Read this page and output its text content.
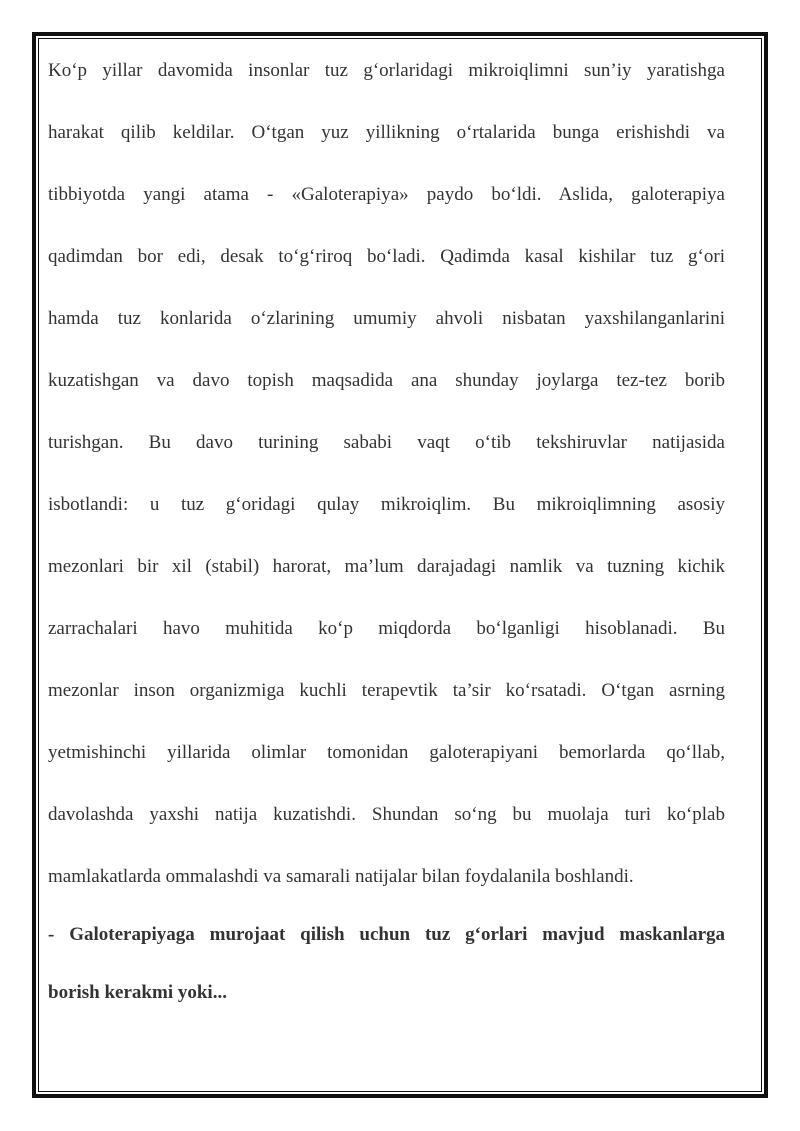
Ko‘p yillar davomida insonlar tuz g‘orlaridagi mikroiqlimni sun’iy yaratishga
harakat qilib keldilar. O‘tgan yuz yillikning o‘rtalarida bunga erishishdi va
tibbiyotda yangi atama - «Galoterapiya» paydo bo‘ldi. Aslida, galoterapiya
qadimdan bor edi, desak to‘g‘riroq bo‘ladi. Qadimda kasal kishilar tuz g‘ori
hamda tuz konlarida o‘zlarining umumiy ahvoli nisbatan yaxshilanganlarini
kuzatishgan va davo topish maqsadida ana shunday joylarga tez-tez borib
turishgan. Bu davo turining sababi vaqt o‘tib tekshiruvlar natijasida
isbotlandi: u tuz g‘oridagi qulay mikroiqlim. Bu mikroiqlimning asosiy
mezonlari bir xil (stabil) harorat, ma’lum darajadagi namlik va tuzning kichik
zarrachalari havo muhitida ko‘p miqdorda bo‘lganligi hisoblanadi. Bu
mezonlar inson organizmiga kuchli terapevtik ta’sir ko‘rsatadi. O‘tgan asrning
yetmishinchi yillarida olimlar tomonidan galoterapiyani bemorlarda qo‘llab,
davolashda yaxshi natija kuzatishdi. Shundan so‘ng bu muolaja turi ko‘plab
mamlakatlarda ommalashdi va samarali natijalar bilan foydalanila boshlandi.
- Galoterapiyaga murojaat qilish uchun tuz g‘orlari mavjud maskanlarga
borish kerakmi yoki...
